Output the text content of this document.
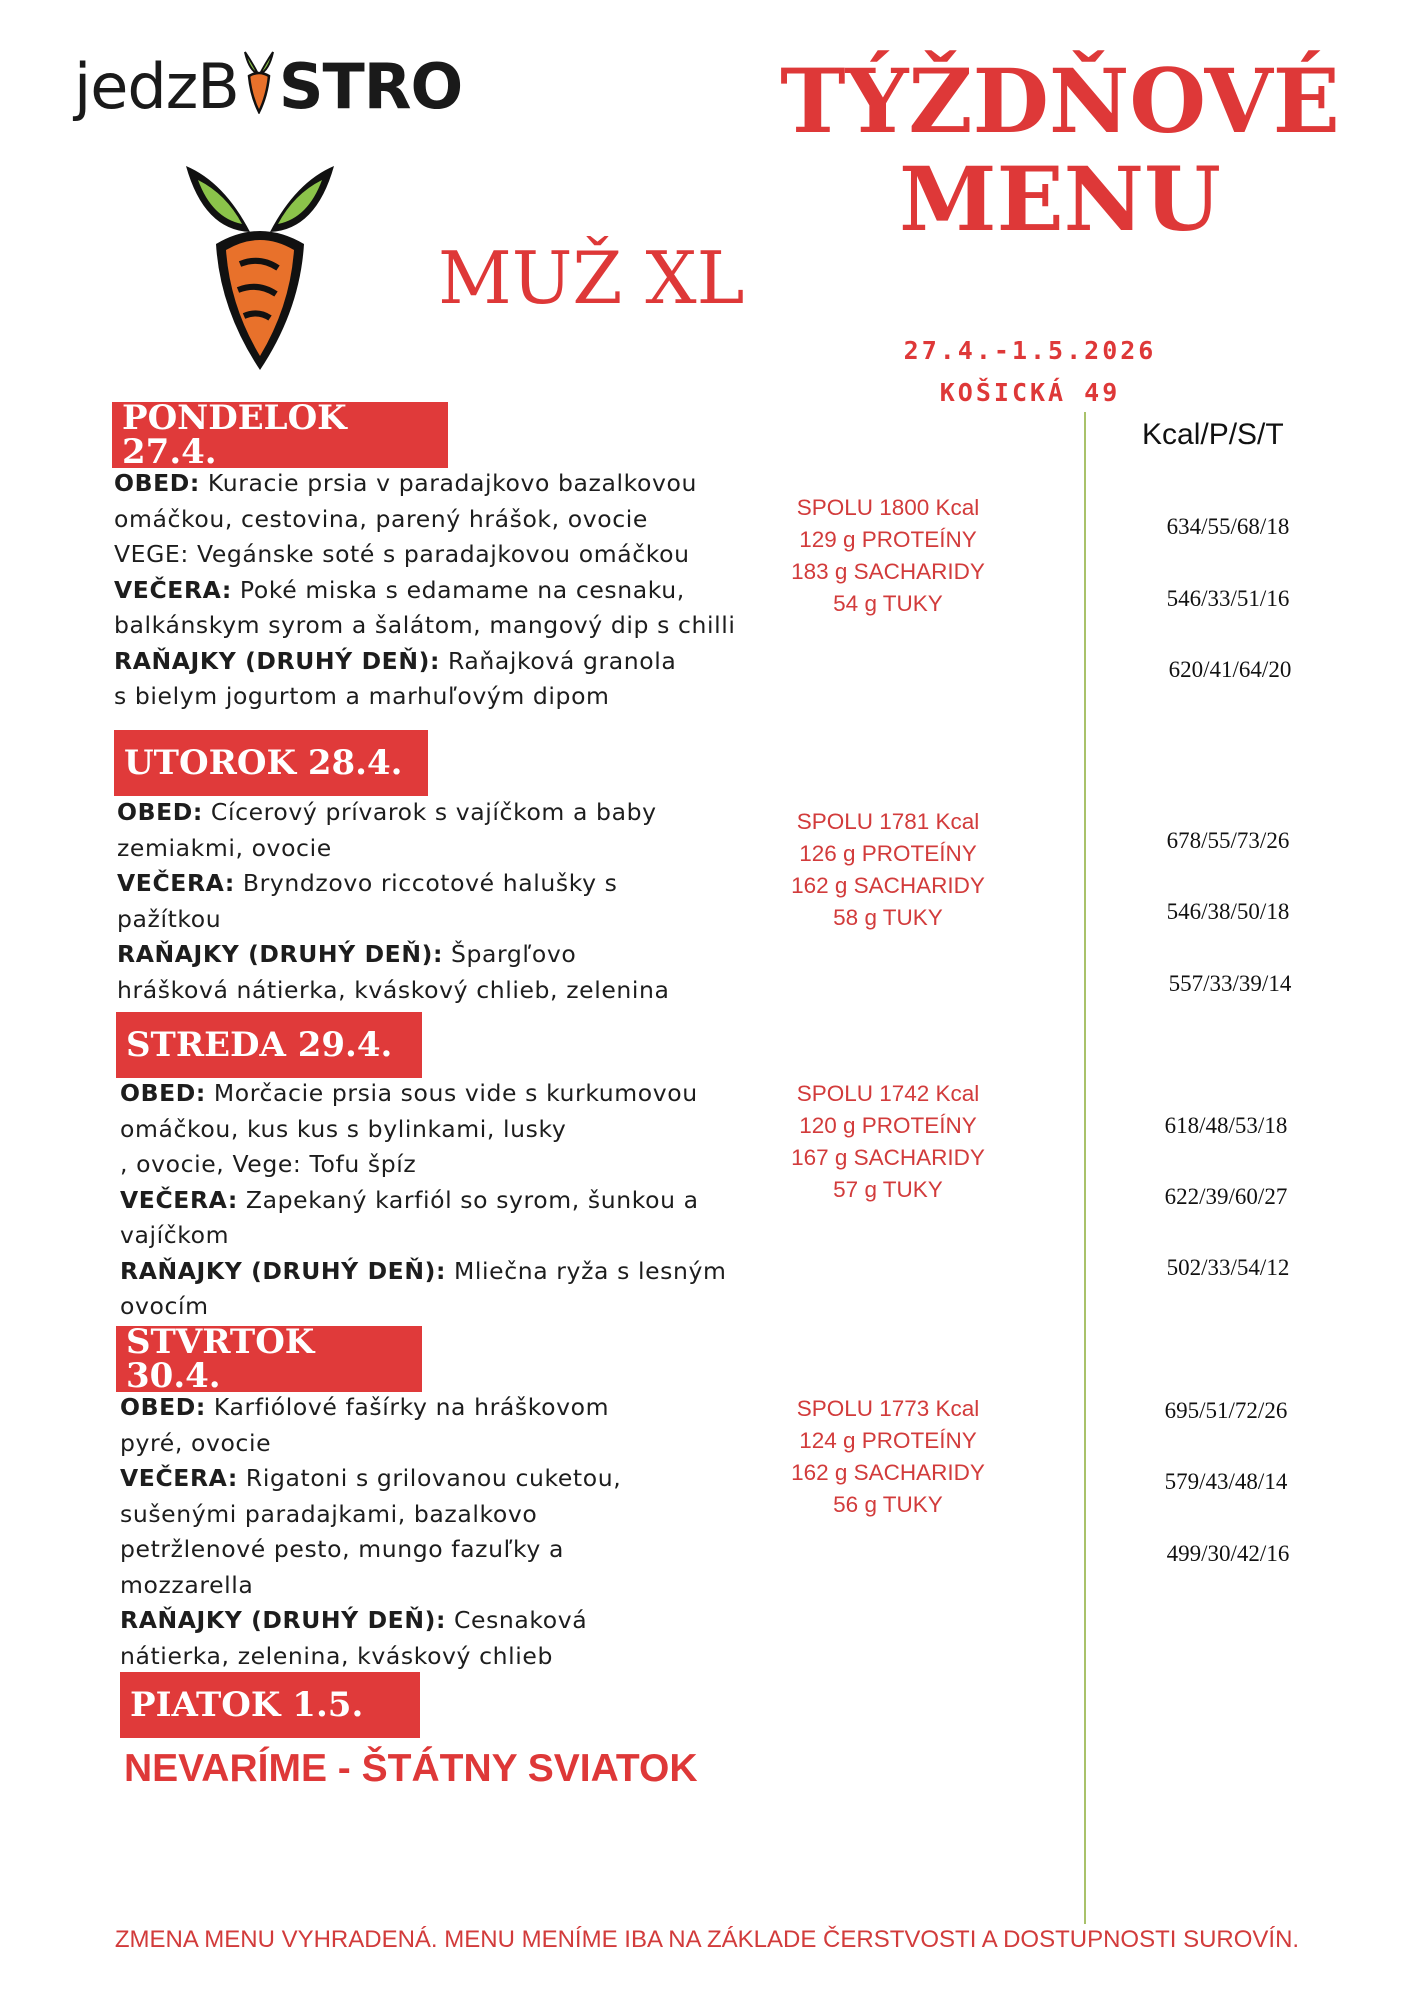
jedzB STRO	TÝŽDŇOVÉ
MENU
MUŽ XL
27.4.-1.5.2026
KOŠICKÁ 49
Kcal/P/S/T
PONDELOK 27.4.
OBED: Kuracie prsia v paradajkovo bazalkovou
omáčkou, cestovina, parený hrášok, ovocie
VEGE: Vegánske soté s paradajkovou omáčkou
VEČERA: Poké miska s edamame na cesnaku,
balkánskym syrom a šalátom, mangový dip s chilli
RAŇAJKY (DRUHÝ DEŇ): Raňajková granola
s bielym jogurtom a marhuľovým dipom
SPOLU 1800 Kcal
129 g PROTEÍNY
183 g SACHARIDY
54 g TUKY
634/55/68/18
546/33/51/16
620/41/64/20
UTOROK 28.4.
OBED: Cícerový prívarok s vajíčkom a baby
zemiakmi, ovocie
VEČERA: Bryndzovo riccotové halušky s
pažítkou
RAŇAJKY (DRUHÝ DEŇ): Špargľovo
hrášková nátierka, kváskový chlieb, zelenina
SPOLU 1781 Kcal
126 g PROTEÍNY
162 g SACHARIDY
58 g TUKY
678/55/73/26
546/38/50/18
557/33/39/14
STREDA 29.4.
OBED: Morčacie prsia sous vide s kurkumovou
omáčkou, kus kus s bylinkami, lusky
, ovocie, Vege: Tofu špíz
VEČERA: Zapekaný karfiól so syrom, šunkou a
vajíčkom
RAŇAJKY (DRUHÝ DEŇ): Mliečna ryža s lesným
ovocím
SPOLU 1742 Kcal
120 g PROTEÍNY
167 g SACHARIDY
57 g TUKY
618/48/53/18
622/39/60/27
502/33/54/12
ŠTVRTOK 30.4.
OBED: Karfiólové fašírky na hráškovom
pyré, ovocie
VEČERA: Rigatoni s grilovanou cuketou,
sušenými paradajkami, bazalkovo
petržlenové pesto, mungo fazuľky a
mozzarella
RAŇAJKY (DRUHÝ DEŇ): Cesnaková
nátierka, zelenina, kváskový chlieb
SPOLU 1773 Kcal
124 g PROTEÍNY
162 g SACHARIDY
56 g TUKY
695/51/72/26
579/43/48/14
499/30/42/16
PIATOK 1.5.
NEVARÍME - ŠTÁTNY SVIATOK
ZMENA MENU VYHRADENÁ. MENU MENÍME IBA NA ZÁKLADE ČERSTVOSTI A DOSTUPNOSTI SUROVÍN.
